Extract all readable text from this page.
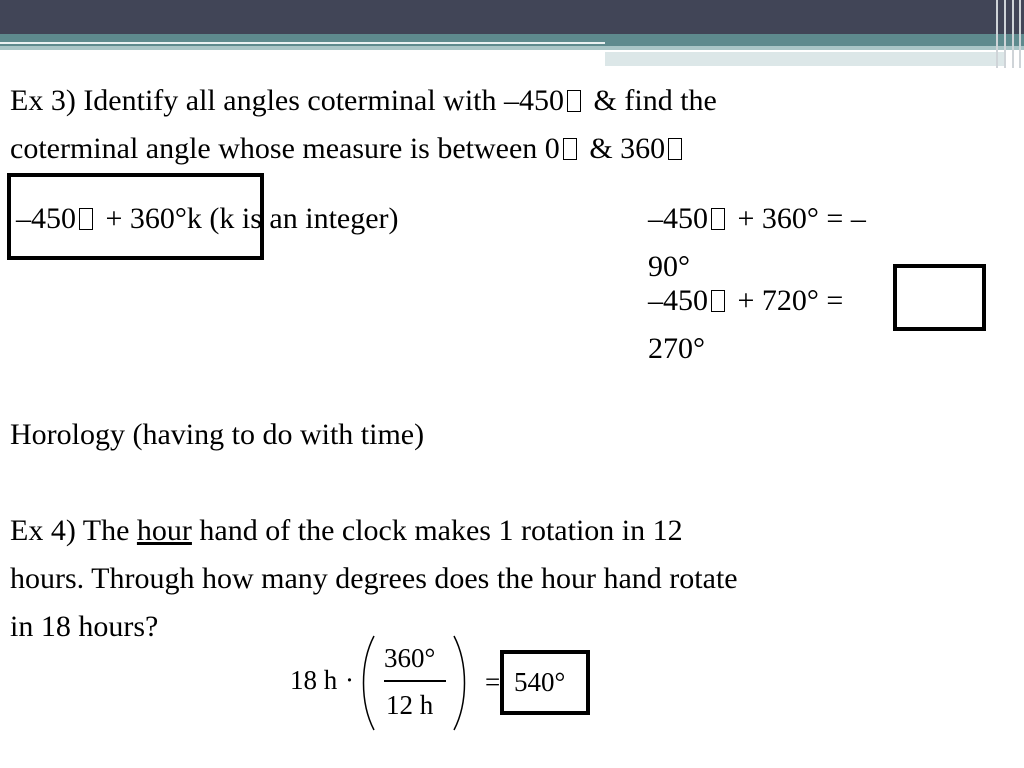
Ex 3) Identify all angles coterminal with –450 & find the
coterminal angle whose measure is between 0 & 360
–450 + 360°k (k is an integer)	–450 + 360° = –
90°
–450 + 720° =
270°
Horology (having to do with time)
Ex 4) The hour hand of the clock makes 1 rotation in 12
hours. Through how many degrees does the hour hand rotate
in 18 hours?
18 h ·
360°
12 h
= 540°
